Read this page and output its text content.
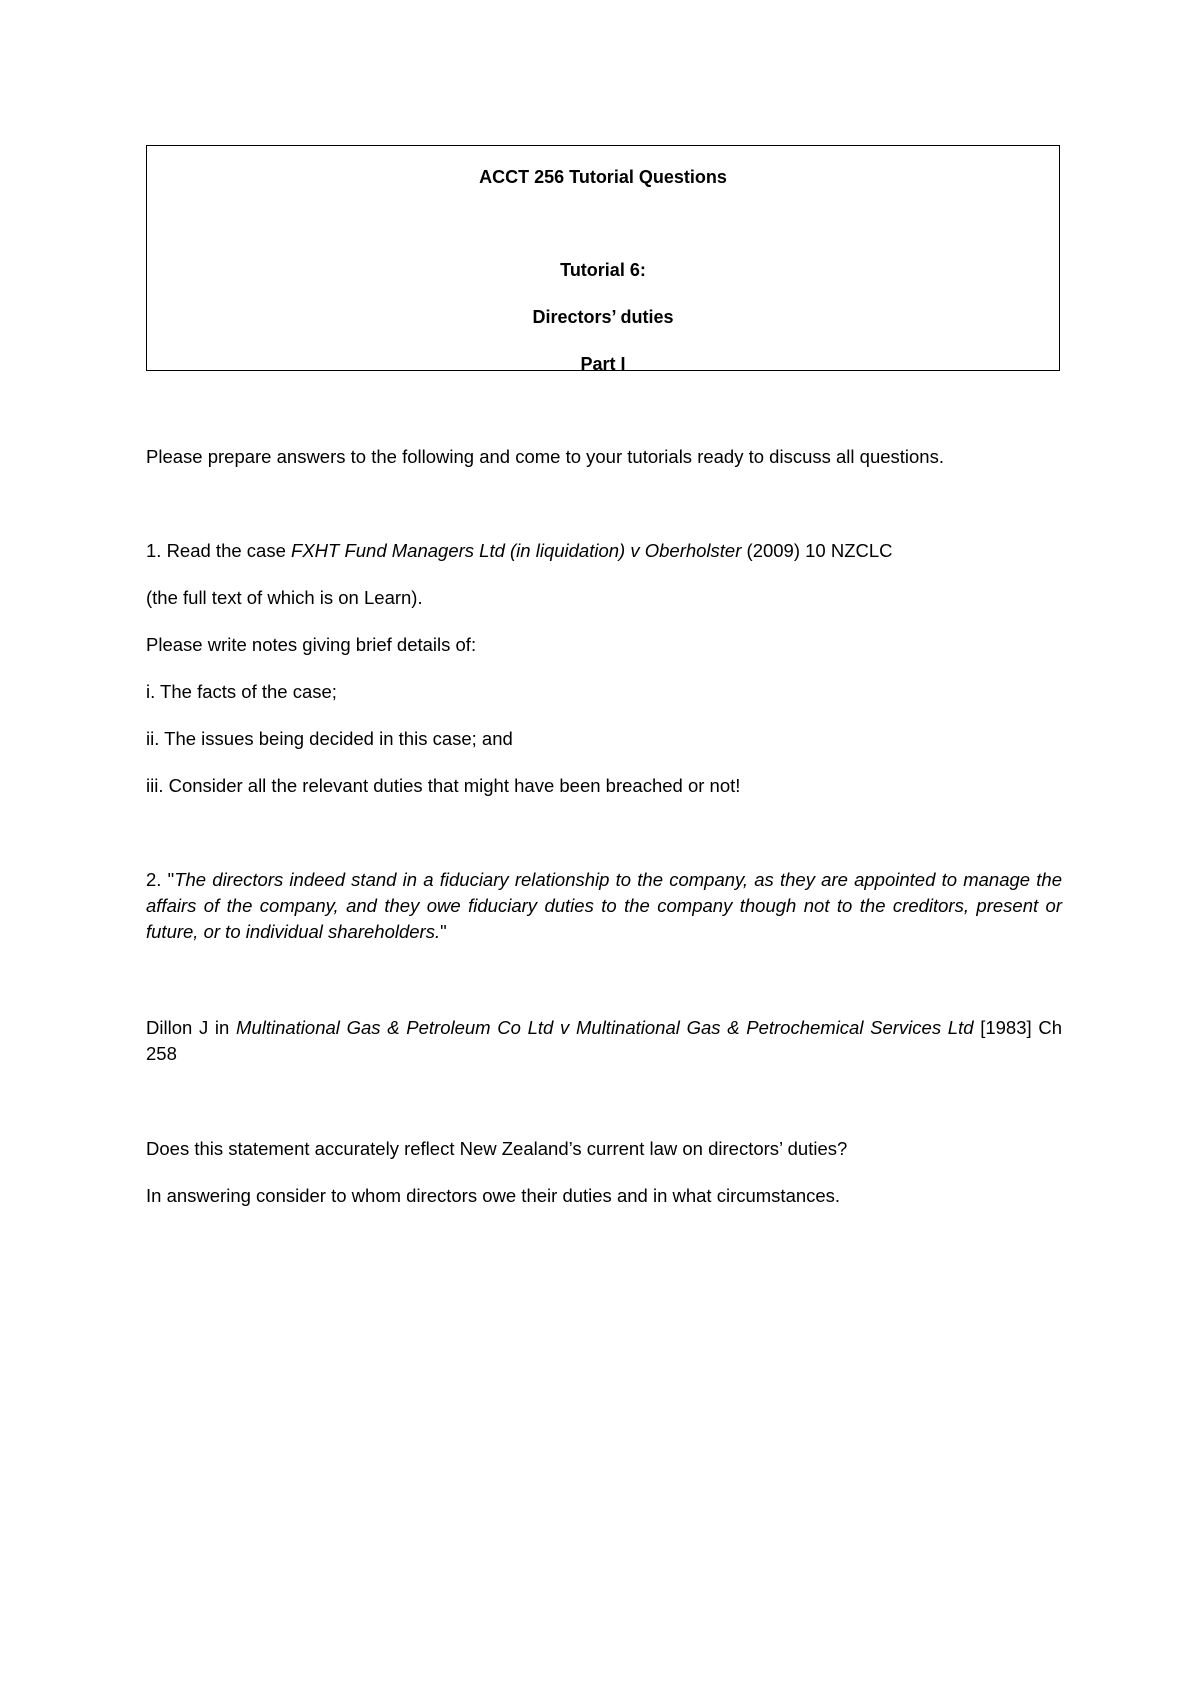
ACCT 256 Tutorial Questions
Tutorial 6:
Directors’ duties
Part I

Please prepare answers to the following and come to your tutorials ready to discuss all questions.

1. Read the case FXHT Fund Managers Ltd (in liquidation) v Oberholster (2009) 10 NZCLC

(the full text of which is on Learn).

Please write notes giving brief details of:

i. The facts of the case;

ii. The issues being decided in this case; and

iii. Consider all the relevant duties that might have been breached or not!

2. "The directors indeed stand in a fiduciary relationship to the company, as they are appointed to manage the affairs of the company, and they owe fiduciary duties to the company though not to the creditors, present or future, or to individual shareholders."

Dillon J in Multinational Gas & Petroleum Co Ltd v Multinational Gas & Petrochemical Services Ltd [1983] Ch 258

Does this statement accurately reflect New Zealand’s current law on directors’ duties?

In answering consider to whom directors owe their duties and in what circumstances.
